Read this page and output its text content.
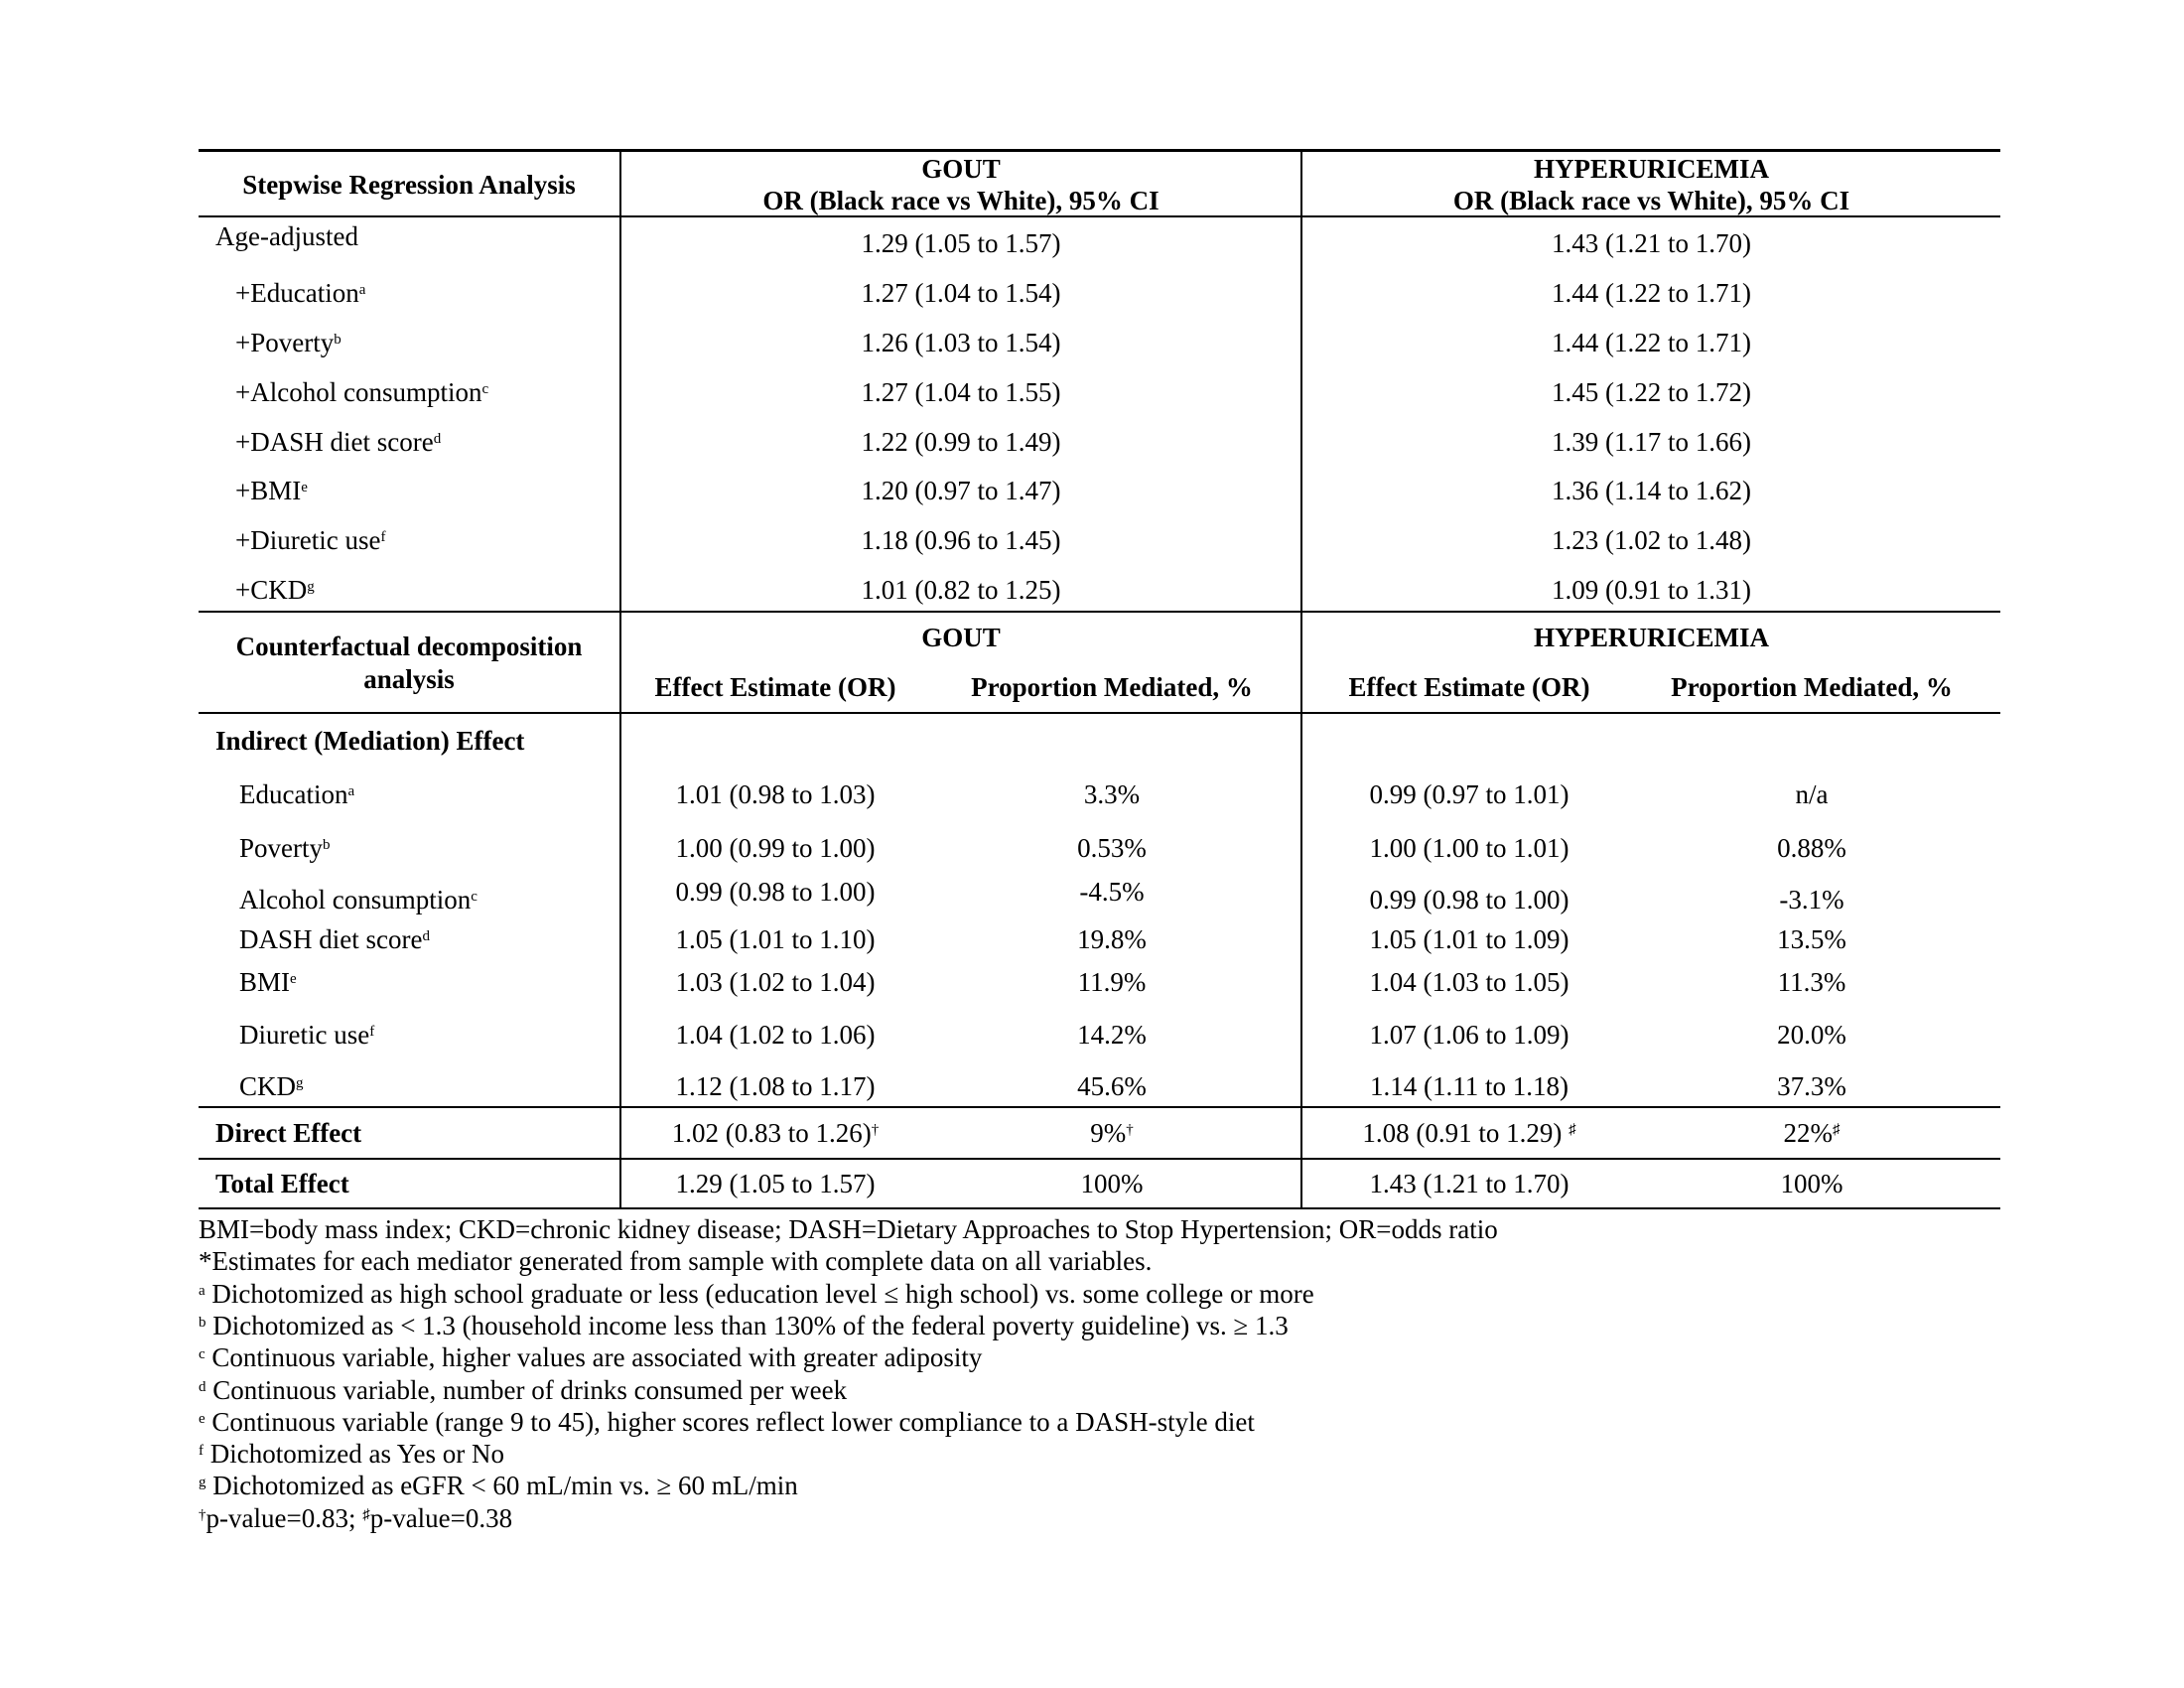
Stepwise Regression Analysis
GOUT
OR (Black race vs White), 95% CI
HYPERURICEMIA
OR (Black race vs White), 95% CI
Age-adjusted	1.29 (1.05 to 1.57)	1.43 (1.21 to 1.70)
+Education$^a$	1.27 (1.04 to 1.54)	1.44 (1.22 to 1.71)
+Poverty$^b$	1.26 (1.03 to 1.54)	1.44 (1.22 to 1.71)
+Alcohol consumption$^c$	1.27 (1.04 to 1.55)	1.45 (1.22 to 1.72)
+DASH diet score$^d$	1.22 (0.99 to 1.49)	1.39 (1.17 to 1.66)
$+BMI^e$	1.20 (0.97 to 1.47)	1.36 (1.14 to 1.62)
+Diuretic use$^f$	1.18 (0.96 to 1.45)	1.23 (1.02 to 1.48)
$+CKD^g$	1.01 (0.82 to 1.25)	1.09 (0.91 to 1.31)
Counterfactual decomposition
analysis
GOUT	HYPERURICEMIA
Effect Estimate (OR)	Proportion Mediated, %	Effect Estimate (OR)	Proportion Mediated, %
Indirect (Mediation) Effect
Education$^a$	1.01 (0.98 to 1.03)	3.3%	0.99 (0.97 to 1.01)	n/a
Poverty$^b$	1.00 (0.99 to 1.00)	0.53%	1.00 (1.00 to 1.01)	0.88%
Alcohol consumption$^c$	0.99 (0.98 to 1.00)	-4.5%	0.99 (0.98 to 1.00)	-3.1%
DASH diet score$^d$	1.05 (1.01 to 1.10)	19.8%	1.05 (1.01 to 1.09)	13.5%
BMI$^e$	1.03 (1.02 to 1.04)	11.9%	1.04 (1.03 to 1.05)	11.3%
Diuretic use$^f$	1.04 (1.02 to 1.06)	14.2%	1.07 (1.06 to 1.09)	20.0%
CKD$^g$	1.12 (1.08 to 1.17)	45.6%	1.14 (1.11 to 1.18)	37.3%
Direct Effect	1.02 (0.83 to 1.26)†	9%†	1.08 (0.91 to 1.29) ♯	22%♯
Total Effect	1.29 (1.05 to 1.57)	100%	1.43 (1.21 to 1.70)	100%
BMI=body mass index; CKD=chronic kidney disease; DASH=Dietary Approaches to Stop Hypertension; OR=odds ratio
*Estimates for each mediator generated from sample with complete data on all variables.
$^a$ Dichotomized as high school graduate or less (education level ≤ high school) vs. some college or more
$^b$ Dichotomized as < 1.3 (household income less than 130% of the federal poverty guideline) vs. ≥ 1.3
$^c$ Continuous variable, higher values are associated with greater adiposity
$^d$ Continuous variable, number of drinks consumed per week
$^e$ Continuous variable (range 9 to 45), higher scores reflect lower compliance to a DASH-style diet
$^f$ Dichotomized as Yes or No
$^g$ Dichotomized as eGFR < 60 mL/min vs. ≥ 60 mL/min
†p-value=0.83; ♯p-value=0.38
